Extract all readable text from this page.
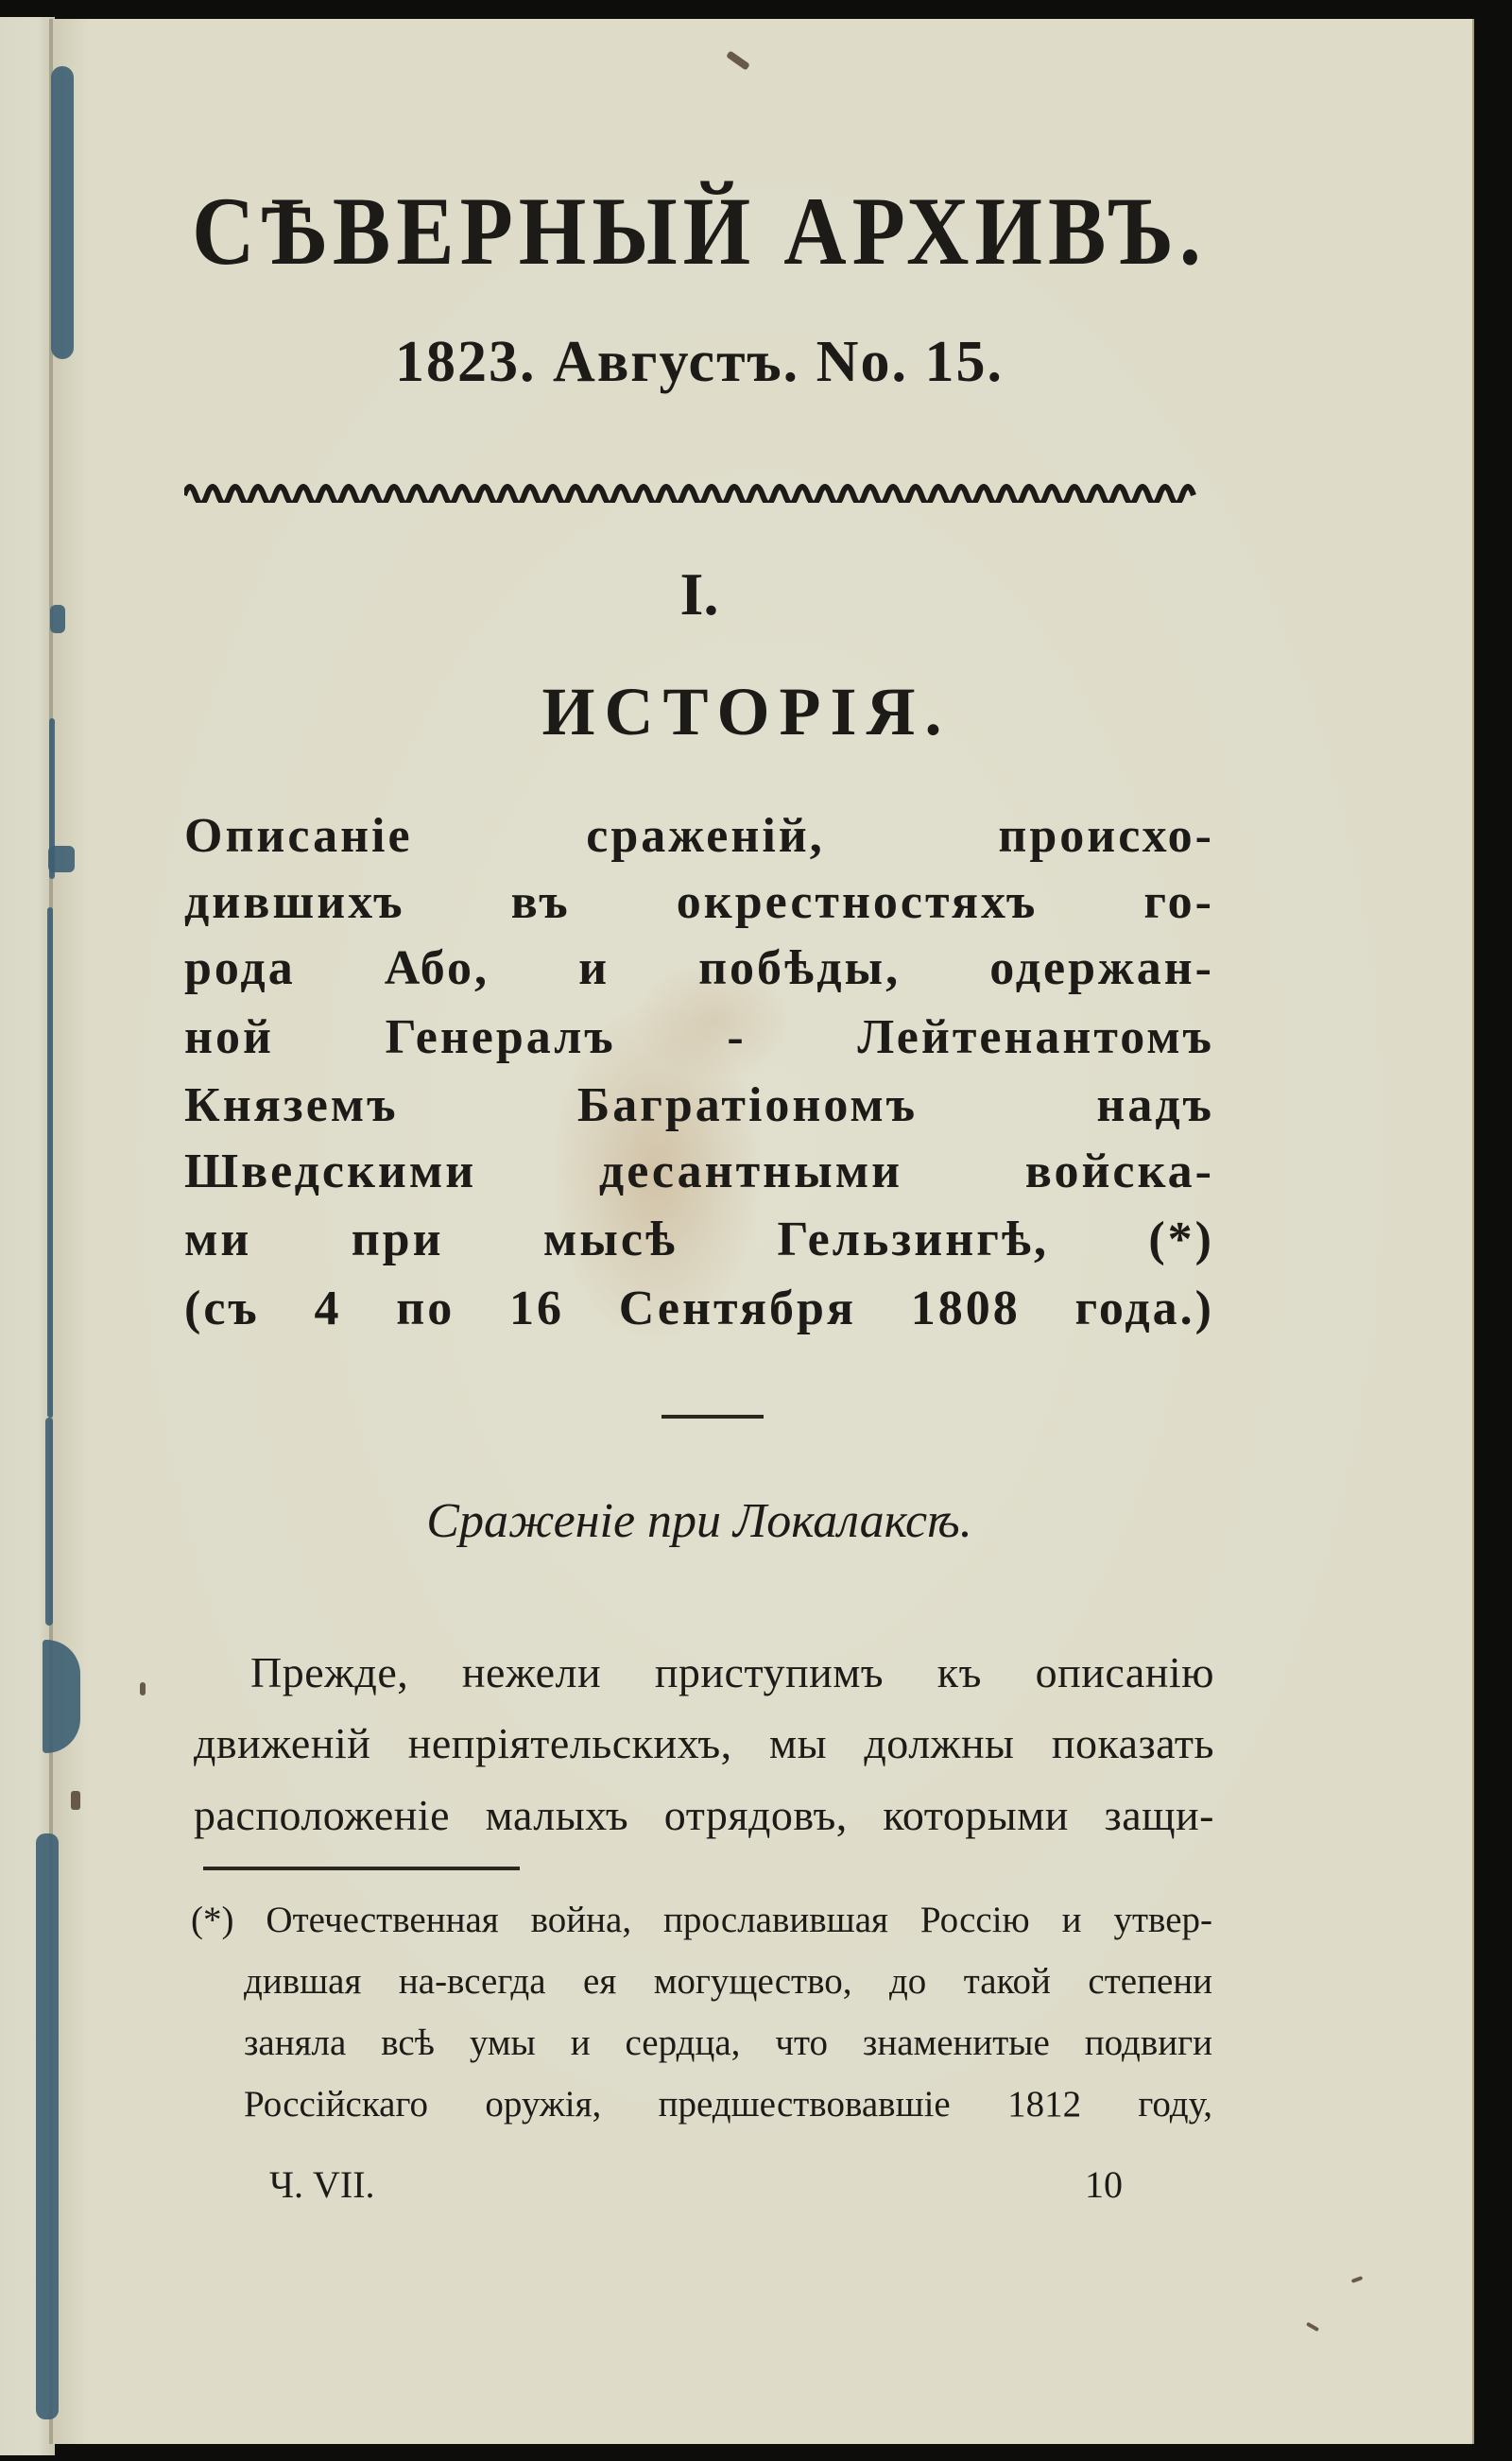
СѢВЕРНЫЙ АРХИВЪ.
1823. Августъ. No. 15.
I.
ИСТОРІЯ.
Описаніе сраженій, происхо-
дившихъ въ окрестностяхъ го-
рода Або, и побѣды, одержан-
ной Генералъ - Лейтенантомъ
Княземъ Багратіономъ надъ
Шведскими десантными войска-
ми при мысѣ Гельзингѣ, (*)
(съ 4 по 16 Сентября 1808 года.)
Сраженіе при Локалаксѣ.
Прежде, нежели приступимъ къ описанію
движеній непріятельскихъ, мы должны показать
расположеніе малыхъ отрядовъ, которыми защи-
(*) Отечественная война, прославившая Россію и утвер-
дившая на-всегда ея могущество, до такой степени
заняла всѣ умы и сердца, что знаменитые подвиги
Россійскаго оружія, предшествовавшіе 1812 году,
Ч. VII.	10
